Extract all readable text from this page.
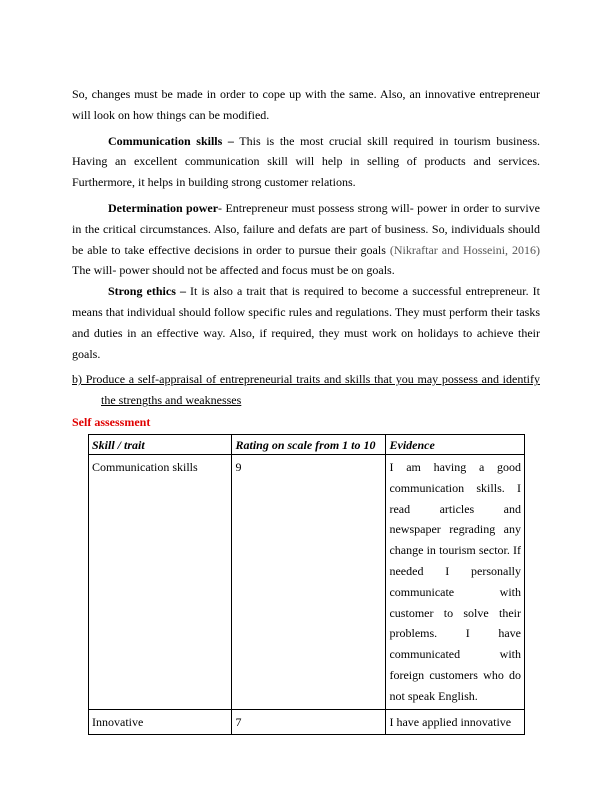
So, changes must be made in order to cope up with the same. Also, an innovative entrepreneur will look on how things can be modified.

Communication skills – This is the most crucial skill required in tourism business. Having an excellent communication skill will help in selling of products and services. Furthermore, it helps in building strong customer relations.

Determination power- Entrepreneur must possess strong will- power in order to survive in the critical circumstances. Also, failure and defats are part of business. So, individuals should be able to take effective decisions in order to pursue their goals (Nikraftar and Hosseini, 2016) The will- power should not be affected and focus must be on goals.

Strong ethics – It is also a trait that is required to become a successful entrepreneur. It means that individual should follow specific rules and regulations. They must perform their tasks and duties in an effective way. Also, if required, they must work on holidays to achieve their goals.

b) Produce a self-appraisal of entrepreneurial traits and skills that you may possess and identify the strengths and weaknesses

Self assessment
Skill / trait	Rating on scale from 1 to 10	Evidence
Communication skills	9	I am having a good communication skills. I read articles and newspaper regrading any change in tourism sector. If needed I personally communicate with customer to solve their problems. I have communicated with foreign customers who do not speak English.
Innovative	7	I have applied innovative
